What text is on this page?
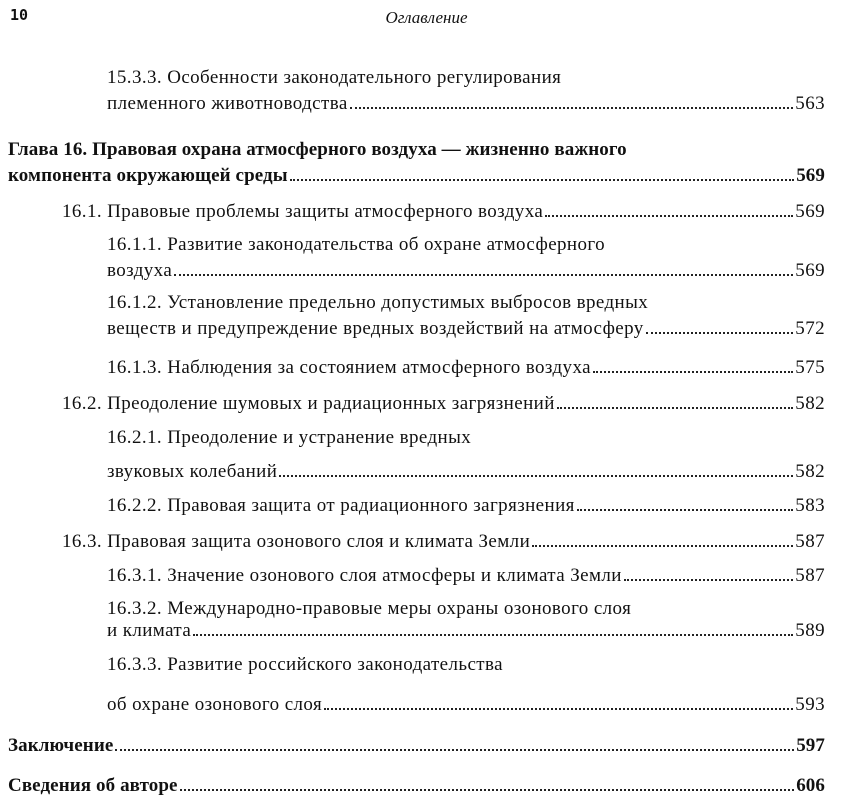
10	Оглавление
15.3.3. Особенности законодательного регулирования
племенного животноводства	563
Глава 16. Правовая охрана атмосферного воздуха — жизненно важного
компонента окружающей среды	569
16.1. Правовые проблемы защиты атмосферного воздуха	569
16.1.1. Развитие законодательства об охране атмосферного
воздуха	569
16.1.2. Установление предельно допустимых выбросов вредных
веществ и предупреждение вредных воздействий на атмосферу	572
16.1.3. Наблюдения за состоянием атмосферного воздуха	575
16.2. Преодоление шумовых и радиационных загрязнений	582
16.2.1. Преодоление и устранение вредных
звуковых колебаний	582
16.2.2. Правовая защита от радиационного загрязнения	583
16.3. Правовая защита озонового слоя и климата Земли	587
16.3.1. Значение озонового слоя атмосферы и климата Земли	587
16.3.2. Международно-правовые меры охраны озонового слоя
и климата	589
16.3.3. Развитие российского законодательства
об охране озонового слоя	593
Заключение	597
Сведения об авторе	606
